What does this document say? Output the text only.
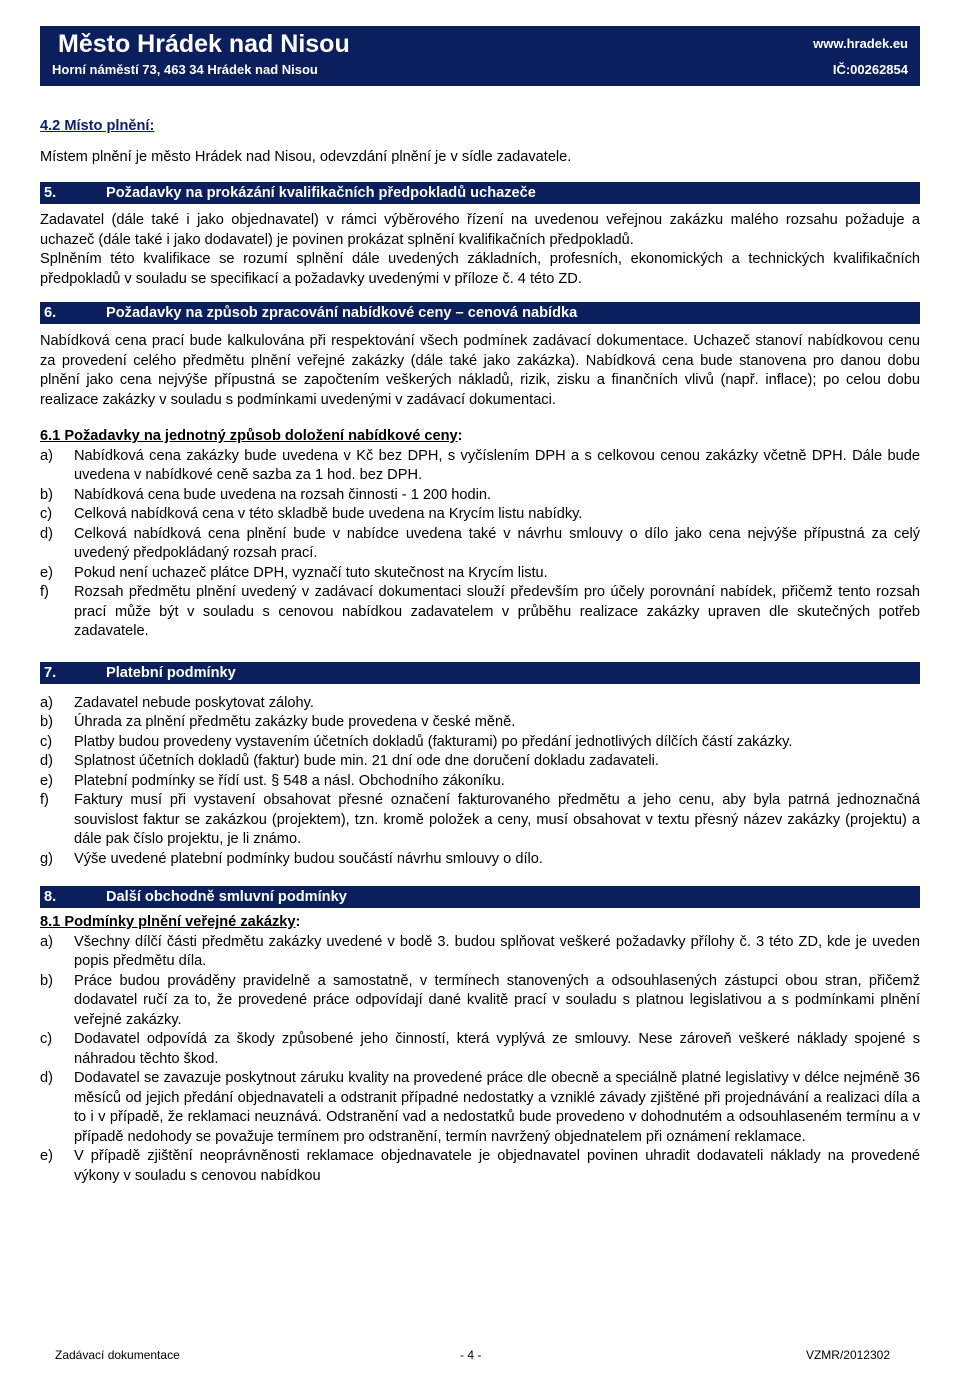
Město Hrádek nad Nisou
Horní náměstí 73, 463 34 Hrádek nad Nisou
www.hradek.eu
IČ:00262854

4.2 Místo plnění:

Místem plnění je město Hrádek nad Nisou, odevzdání plnění je v sídle zadavatele.

5.	Požadavky na prokázání kvalifikačních předpokladů uchazeče

Zadavatel (dále také i jako objednavatel) v rámci výběrového řízení na uvedenou veřejnou zakázku malého rozsahu požaduje a uchazeč (dále také i jako dodavatel) je povinen prokázat splnění kvalifikačních předpokladů.

Splněním této kvalifikace se rozumí splnění dále uvedených základních, profesních, ekonomických a technických kvalifikačních předpokladů v souladu se specifikací a požadavky uvedenými v příloze č. 4 této ZD.

6.	Požadavky na způsob zpracování nabídkové ceny – cenová nabídka

Nabídková cena prací bude kalkulována při respektování všech podmínek zadávací dokumentace. Uchazeč stanoví nabídkovou cenu za provedení celého předmětu plnění veřejné zakázky (dále také jako zakázka). Nabídková cena bude stanovena pro danou dobu plnění jako cena nejvýše přípustná se započtením veškerých nákladů, rizik, zisku a finančních vlivů (např. inflace); po celou dobu realizace zakázky v souladu s podmínkami uvedenými v zadávací dokumentaci.

6.1 Požadavky na jednotný způsob doložení nabídkové ceny:

a)	Nabídková cena zakázky bude uvedena v Kč bez DPH, s vyčíslením DPH a s celkovou cenou zakázky včetně DPH. Dále bude uvedena v nabídkové ceně sazba za 1 hod. bez DPH.
b)	Nabídková cena bude uvedena na rozsah činnosti - 1 200 hodin.
c)	Celková nabídková cena v této skladbě bude uvedena na Krycím listu nabídky.
d)	Celková nabídková cena plnění bude v nabídce uvedena také v návrhu smlouvy o dílo jako cena nejvýše přípustná za celý uvedený předpokládaný rozsah prací.
e)	Pokud není uchazeč plátce DPH, vyznačí tuto skutečnost na Krycím listu.
f)	Rozsah předmětu plnění uvedený v zadávací dokumentaci slouží především pro účely porovnání nabídek, přičemž tento rozsah prací může být v souladu s cenovou nabídkou zadavatelem v průběhu realizace zakázky upraven dle skutečných potřeb zadavatele.
7.	Platební podmínky
a)	Zadavatel nebude poskytovat zálohy.
b)	Úhrada za plnění předmětu zakázky bude provedena v české měně.
c)	Platby budou provedeny vystavením účetních dokladů (fakturami) po předání jednotlivých dílčích částí zakázky.
d)	Splatnost účetních dokladů (faktur) bude min. 21 dní ode dne doručení dokladu zadavateli.
e)	Platební podmínky se řídí ust. § 548 a násl. Obchodního zákoníku.
f)	Faktury musí při vystavení obsahovat přesné označení fakturovaného předmětu a jeho cenu, aby byla patrná jednoznačná souvislost faktur se zakázkou (projektem), tzn. kromě položek a ceny, musí obsahovat v textu přesný název zakázky (projektu) a dále pak číslo projektu, je li známo.
g)	Výše uvedené platební podmínky budou součástí návrhu smlouvy o dílo.
8.	Další obchodně smluvní podmínky

8.1 Podmínky plnění veřejné zakázky:

a)	Všechny dílčí části předmětu zakázky uvedené v bodě 3. budou splňovat veškeré požadavky přílohy č. 3 této ZD, kde je uveden popis předmětu díla.
b)	Práce budou prováděny pravidelně a samostatně, v termínech stanovených a odsouhlasených zástupci obou stran, přičemž dodavatel ručí za to, že provedené práce odpovídají dané kvalitě prací v souladu s platnou legislativou a s podmínkami plnění veřejné zakázky.
c)	Dodavatel odpovídá za škody způsobené jeho činností, která vyplývá ze smlouvy. Nese zároveň veškeré náklady spojené s náhradou těchto škod.
d)	Dodavatel se zavazuje poskytnout záruku kvality na provedené práce dle obecně a speciálně platné legislativy v délce nejméně 36 měsíců od jejich předání objednavateli a odstranit případné nedostatky a vzniklé závady zjištěné při projednávání a realizaci díla a to i v případě, že reklamaci neuznává. Odstranění vad a nedostatků bude provedeno v dohodnutém a odsouhlaseném termínu a v případě nedohody se považuje termínem pro odstranění, termín navržený objednatelem při oznámení reklamace.
e)	V případě zjištění neoprávněnosti reklamace objednavatele je objednavatel povinen uhradit dodavateli náklady na provedené výkony v souladu s cenovou nabídkou
Zadávací dokumentace	- 4 -	VZMR/2012302
